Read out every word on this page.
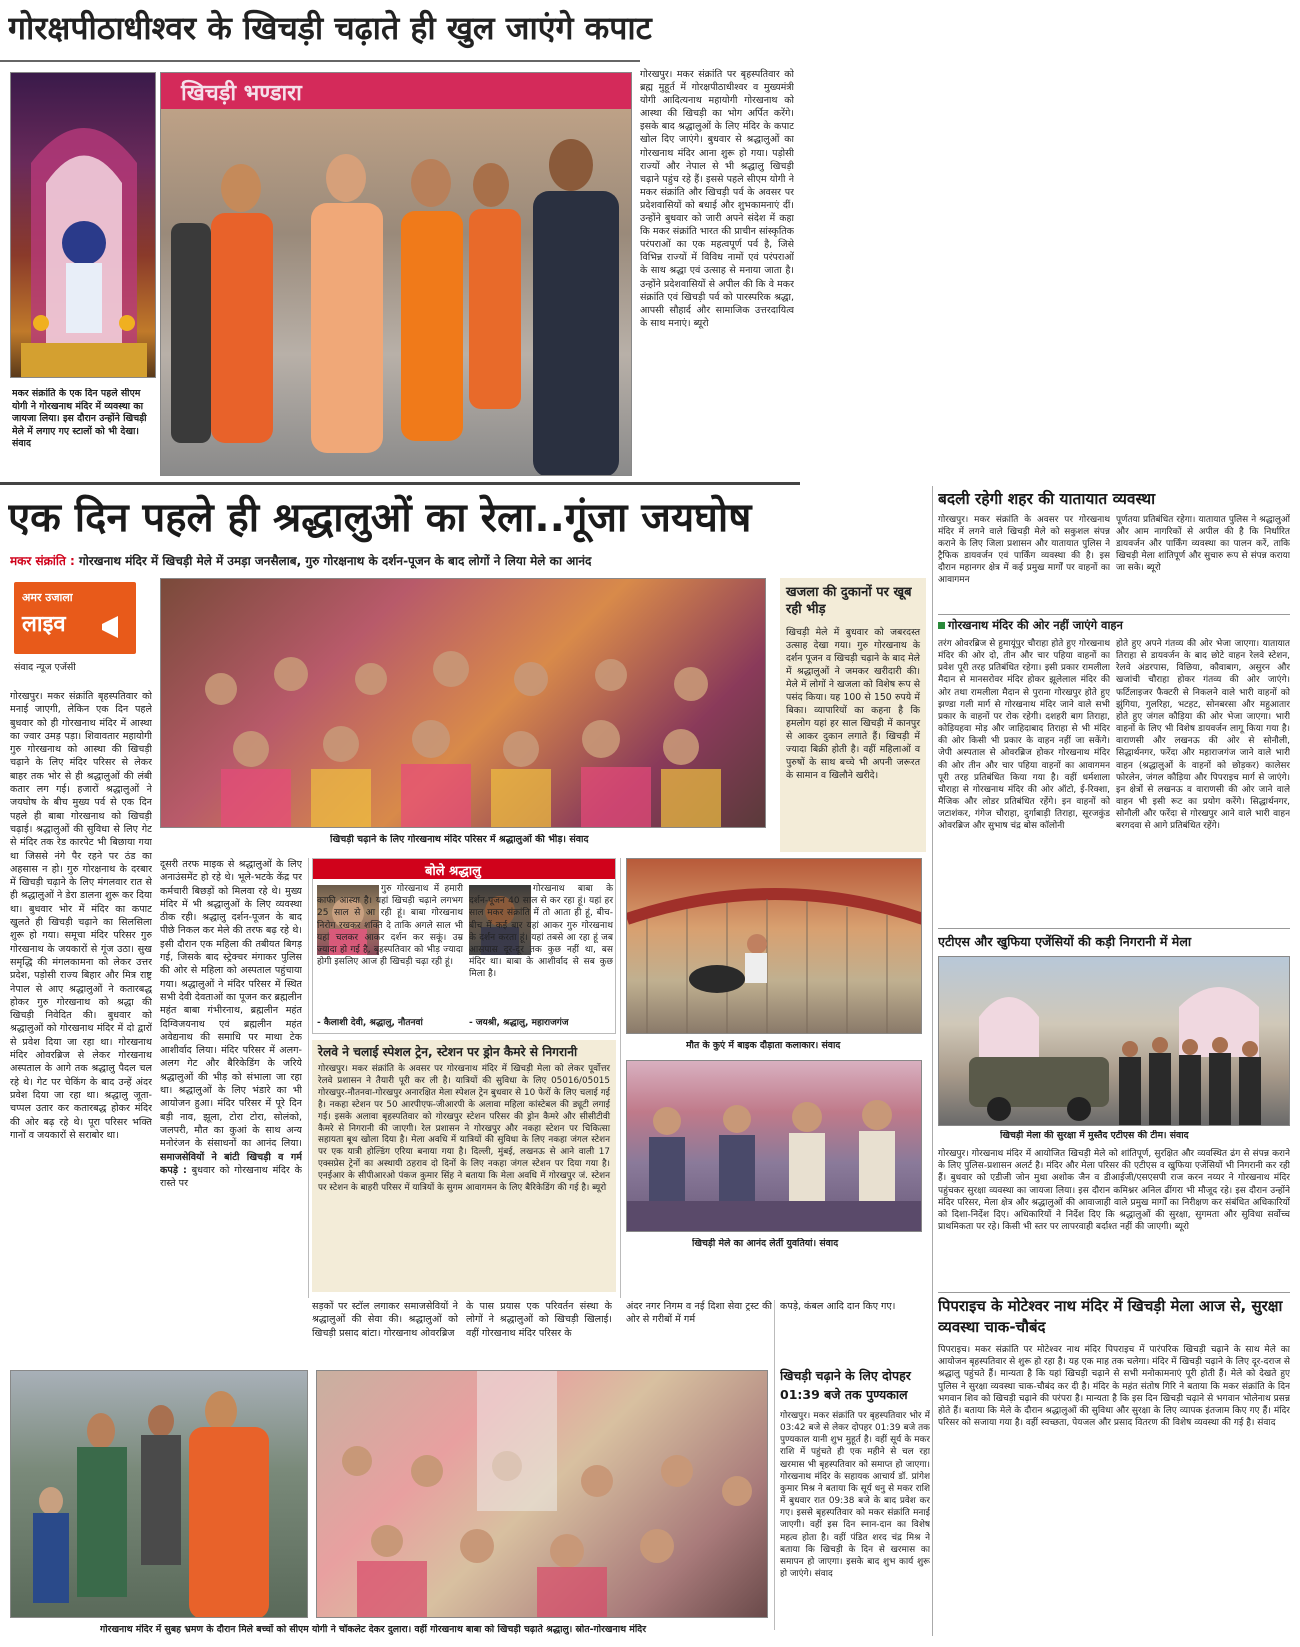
गोरक्षपीठाधीश्वर के खिचड़ी चढ़ाते ही खुल जाएंगे कपाट
मकर संक्रांति के एक दिन पहले सीएम योगी ने गोरखनाथ मंदिर में व्यवस्था का जायजा लिया। इस दौरान उन्होंने खिचड़ी मेले में लगाए गए स्टालों को भी देखा। संवाद
खिचड़ी भण्डारा
गोरखपुर। मकर संक्रांति पर बृहस्पतिवार को ब्रह्म मुहूर्त में गोरक्षपीठाधीश्वर व मुख्यमंत्री योगी आदित्यनाथ महायोगी गोरखनाथ को आस्था की खिचड़ी का भोग अर्पित करेंगे। इसके बाद श्रद्धालुओं के लिए मंदिर के कपाट खोल दिए जाएंगे। बुधवार से श्रद्धालुओं का गोरखनाथ मंदिर आना शुरू हो गया। पड़ोसी राज्यों और नेपाल से भी श्रद्धालु खिचड़ी चढ़ाने पहुंच रहे हैं। इससे पहले सीएम योगी ने मकर संक्रांति और खिचड़ी पर्व के अवसर पर प्रदेशवासियों को बधाई और शुभकामनाएं दीं। उन्होंने बुधवार को जारी अपने संदेश में कहा कि मकर संक्रांति भारत की प्राचीन सांस्कृतिक परंपराओं का एक महत्वपूर्ण पर्व है, जिसे विभिन्न राज्यों में विविध नामों एवं परंपराओं के साथ श्रद्धा एवं उत्साह से मनाया जाता है। उन्होंने प्रदेशवासियों से अपील की कि वे मकर संक्रांति एवं खिचड़ी पर्व को पारस्परिक श्रद्धा, आपसी सौहार्द और सामाजिक उत्तरदायित्व के साथ मनाएं। ब्यूरो
एक दिन पहले ही श्रद्धालुओं का रेला..गूंजा जयघोष
मकर संक्रांति : गोरखनाथ मंदिर में खिचड़ी मेले में उमड़ा जनसैलाब, गुरु गोरक्षनाथ के दर्शन-पूजन के बाद लोगों ने लिया मेले का आनंद
अमर उजाला
लाइव
संवाद न्यूज एजेंसी
गोरखपुर। मकर संक्रांति बृहस्पतिवार को मनाई जाएगी, लेकिन एक दिन पहले बुधवार को ही गोरखनाथ मंदिर में आस्था का ज्वार उमड़ पड़ा। शिवावतार महायोगी गुरु गोरखनाथ को आस्था की खिचड़ी चढ़ाने के लिए मंदिर परिसर से लेकर बाहर तक भोर से ही श्रद्धालुओं की लंबी कतार लग गई। हजारों श्रद्धालुओं ने जयघोष के बीच मुख्य पर्व से एक दिन पहले ही बाबा गोरखनाथ को खिचड़ी चढ़ाई। श्रद्धालुओं की सुविधा से लिए गेट से मंदिर तक रेड कारपेट भी बिछाया गया था जिससे नंगे पैर रहने पर ठंड का अहसास न हो। गुरु गोरक्षनाथ के दरबार में खिचड़ी चढ़ाने के लिए मंगलवार रात से ही श्रद्धालुओं ने डेरा डालना शुरू कर दिया था। बुधवार भोर में मंदिर का कपाट खुलते ही खिचड़ी चढ़ाने का सिलसिला शुरू हो गया। समूचा मंदिर परिसर गुरु गोरखनाथ के जयकारों से गूंज उठा। सुख समृद्धि की मंगलकामना को लेकर उत्तर प्रदेश, पड़ोसी राज्य बिहार और मित्र राष्ट्र नेपाल से आए श्रद्धालुओं ने कतारबद्ध होकर गुरु गोरखनाथ को श्रद्धा की खिचड़ी निवेदित की। बुधवार को श्रद्धालुओं को गोरखनाथ मंदिर में दो द्वारों से प्रवेश दिया जा रहा था। गोरखनाथ मंदिर ओवरब्रिज से लेकर गोरखनाथ अस्पताल के आगे तक श्रद्धालु पैदल चल रहे थे। गेट पर चेकिंग के बाद उन्हें अंदर प्रवेश दिया जा रहा था। श्रद्धालु जूता-चप्पल उतार कर कतारबद्ध होकर मंदिर की ओर बढ़ रहे थे। पूरा परिसर भक्ति गानों व जयकारों से सराबोर था।
खिचड़ी चढ़ाने के लिए गोरखनाथ मंदिर परिसर में श्रद्धालुओं की भीड़। संवाद
खजला की दुकानों पर खूब रही भीड़
खिचड़ी मेले में बुधवार को जबरदस्त उत्साह देखा गया। गुरु गोरखनाथ के दर्शन पूजन व खिचड़ी चढ़ाने के बाद मेले में श्रद्धालुओं ने जमकर खरीदारी की। मेले में लोगों ने खजला को विशेष रूप से पसंद किया। यह 100 से 150 रुपये में बिका। व्यापारियों का कहना है कि हमलोग यहां हर साल खिचड़ी में कानपुर से आकर दुकान लगाते हैं। खिचड़ी में ज्यादा बिक्री होती है। वहीं महिलाओं व पुरुषों के साथ बच्चे भी अपनी जरूरत के सामान व खिलौने खरीदे।
दूसरी तरफ माइक से श्रद्धालुओं के लिए अनाउंसमेंट हो रहे थे। भूले-भटके केंद्र पर कर्मचारी बिछड़ों को मिलवा रहे थे। मुख्य मंदिर में भी श्रद्धालुओं के लिए व्यवस्था ठीक रही। श्रद्धालु दर्शन-पूजन के बाद पीछे निकल कर मेले की तरफ बढ़ रहे थे। इसी दौरान एक महिला की तबीयत बिगड़ गई, जिसके बाद स्ट्रेक्चर मंगाकर पुलिस की ओर से महिला को अस्पताल पहुंचाया गया। श्रद्धालुओं ने मंदिर परिसर में स्थित सभी देवी देवताओं का पूजन कर ब्रह्मलीन महंत बाबा गंभीरनाथ, ब्रह्मलीन महंत दिग्विजयनाथ एवं ब्रह्मलीन महंत अवेद्यनाथ की समाधि पर माथा टेक आशीर्वाद लिया। मंदिर परिसर में अलग-अलग गेट और बैरिकेडिंग के जरिये श्रद्धालुओं की भीड़ को संभाला जा रहा था। श्रद्धालुओं के लिए भंडारे का भी आयोजन हुआ। मंदिर परिसर में पूरे दिन बड़ी नाव, झूला, टोरा टोरा, सोलंको, जलपरी, मौत का कुआं के साथ अन्य मनोरंजन के संसाधनों का आनंद लिया। समाजसेवियों ने बांटी खिचड़ी व गर्म कपड़े : बुधवार को गोरखनाथ मंदिर के रास्ते पर
बोले श्रद्धालु
गुरु गोरखनाथ में हमारी काफी आस्था है। यहां खिचड़ी चढ़ाने लगभग 25 साल से आ रही हूं। बाबा गोरखनाथ निरोग रखकर शक्ति दे ताकि अगले साल भी यहां चलकर आकर दर्शन कर सकूं। उम्र ज्यादा हो गई है, बृहस्पतिवार को भीड़ ज्यादा होगी इसलिए आज ही खिचड़ी चढ़ा रही हूं।
- कैलाशी देवी, श्रद्धालु, नौतनवां
गोरखनाथ बाबा के दर्शन-पूजन 40 साल से कर रहा हूं। यहां हर साल मकर संक्रांति में तो आता ही हूं, बीच-बीच में कई बार यहां आकर गुरु गोरखनाथ के दर्शन करता हूं। यहां तबसे आ रहा हूं जब आसपास दूर-दूर तक कुछ नहीं था, बस मंदिर था। बाबा के आशीर्वाद से सब कुछ मिला है।
- जयश्री, श्रद्धालु, महाराजगंज
रेलवे ने चलाई स्पेशल ट्रेन, स्टेशन पर ड्रोन कैमरे से निगरानी
गोरखपुर। मकर संक्रांति के अवसर पर गोरखनाथ मंदिर में खिचड़ी मेला को लेकर पूर्वोत्तर रेलवे प्रशासन ने तैयारी पूरी कर ली है। यात्रियों की सुविधा के लिए 05016/05015 गोरखपुर-नौतनवा-गोरखपुर अनारक्षित मेला स्पेशल ट्रेन बुधवार से 10 फेरों के लिए चलाई गई है। नकहा स्टेशन पर 50 आरपीएफ-जीआरपी के अलावा महिला कांस्टेबल की ड्यूटी लगाई गई। इसके अलावा बृहस्पतिवार को गोरखपुर स्टेशन परिसर की ड्रोन कैमरे और सीसीटीवी कैमरे से निगरानी की जाएगी। रेल प्रशासन ने गोरखपुर और नकहा स्टेशन पर चिकित्सा सहायता बूथ खोला दिया है। मेला अवधि में यात्रियों की सुविधा के लिए नकहा जंगल स्टेशन पर एक यात्री होल्डिंग एरिया बनाया गया है। दिल्ली, मुंबई, लखनऊ से आने वाली 17 एक्सप्रेस ट्रेनों का अस्थायी ठहराव दो दिनों के लिए नकहा जंगल स्टेशन पर दिया गया है। एनईआर के सीपीआरओ पंकज कुमार सिंह ने बताया कि मेला अवधि में गोरखपुर जं. स्टेशन पर स्टेशन के बाहरी परिसर में यात्रियों के सुगम आवागमन के लिए बैरिकेडिंग की गई है। ब्यूरो
मौत के कुएं में बाइक दौड़ाता कलाकार। संवाद
खिचड़ी मेले का आनंद लेतीं युवतियां। संवाद
सड़कों पर स्टॉल लगाकर समाजसेवियों ने श्रद्धालुओं की सेवा की। श्रद्धालुओं को खिचड़ी प्रसाद बांटा। गोरखनाथ ओवरब्रिज
के पास प्रयास एक परिवर्तन संस्था के लोगों ने श्रद्धालुओं को खिचड़ी खिलाई। वहीं गोरखनाथ मंदिर परिसर के
अंदर नगर निगम व नई दिशा सेवा ट्रस्ट की ओर से गरीबों में गर्म
कपड़े, कंबल आदि दान किए गए।
गोरखनाथ मंदिर में सुबह भ्रमण के दौरान मिले बच्चों को सीएम योगी ने चॉकलेट देकर दुलारा। वहीं गोरखनाथ बाबा को खिचड़ी चढ़ाते श्रद्धालु। स्रोत-गोरखनाथ मंदिर
बदली रहेगी शहर की यातायात व्यवस्था
गोरखपुर। मकर संक्रांति के अवसर पर गोरखनाथ मंदिर में लगने वाले खिचड़ी मेले को सकुशल संपन्न कराने के लिए जिला प्रशासन और यातायात पुलिस ने ट्रैफिक डायवर्जन एवं पार्किंग व्यवस्था की है। इस दौरान महानगर क्षेत्र में कई प्रमुख मार्गों पर वाहनों का आवागमन
पूर्णतया प्रतिबंधित रहेगा। यातायात पुलिस ने श्रद्धालुओं और आम नागरिकों से अपील की है कि निर्धारित डायवर्जन और पार्किंग व्यवस्था का पालन करें, ताकि खिचड़ी मेला शांतिपूर्ण और सुचारु रूप से संपन्न कराया जा सके। ब्यूरो
गोरखनाथ मंदिर की ओर नहीं जाएंगे वाहन
तरंग ओवरब्रिज से हुमायूंपुर चौराहा होते हुए गोरखनाथ मंदिर की ओर दो, तीन और चार पहिया वाहनों का प्रवेश पूरी तरह प्रतिबंधित रहेगा। इसी प्रकार रामलीला मैदान से मानसरोवर मंदिर होकर झूलेलाल मंदिर की ओर तथा रामलीला मैदान से पुराना गोरखपुर होते हुए झण्डा गली मार्ग से गोरखनाथ मंदिर जाने वाले सभी प्रकार के वाहनों पर रोक रहेगी। दशहरी बाग तिराहा, कोड़ियहवा मोड़ और जाहिदाबाद तिराहा से भी मंदिर की ओर किसी भी प्रकार के वाहन नहीं जा सकेंगे। जेपी अस्पताल से ओवरब्रिज होकर गोरखनाथ मंदिर की ओर तीन और चार पहिया वाहनों का आवागमन पूरी तरह प्रतिबंधित किया गया है। वहीं धर्मशाला चौराहा से गोरखनाथ मंदिर की ओर ऑटो, ई-रिक्शा, मैजिक और लोडर प्रतिबंधित रहेंगे। इन वाहनों को जटाशंकर, गंगेज चौराहा, दुर्गाबाड़ी तिराहा, सूरजकुंड ओवरब्रिज और सुभाष चंद्र बोस कॉलोनी
होते हुए अपने गंतव्य की ओर भेजा जाएगा। यातायात तिराहा से डायवर्जन के बाद छोटे वाहन रेलवे स्टेशन, रेलवे अंडरपास, विछिया, कौवाबाग, असुरन और खजांची चौराहा होकर गंतव्य की ओर जाएंगे। फर्टिलाइजर फैक्टरी से निकलने वाले भारी वाहनों को झुंगिया, गुलरिहा, भटहट, सोनबरसा और महुआतार होते हुए जंगल कौड़िया की ओर भेजा जाएगा। भारी वाहनों के लिए भी विशेष डायवर्जन लागू किया गया है। वाराणसी और लखनऊ की ओर से सोनौली, सिद्धार्थनगर, फरेंदा और महाराजगंज जाने वाले भारी वाहन (श्रद्धालुओं के वाहनों को छोड़कर) कालेसर फोरलेन, जंगल कौड़िया और पिपराइच मार्ग से जाएंगे। इन क्षेत्रों से लखनऊ व वाराणसी की ओर जाने वाले वाहन भी इसी रूट का प्रयोग करेंगे। सिद्धार्थनगर, सोनौली और फरेंदा से गोरखपुर आने वाले भारी वाहन बरगदवा से आगे प्रतिबंधित रहेंगे।
एटीएस और खुफिया एजेंसियों की कड़ी निगरानी में मेला
खिचड़ी मेला की सुरक्षा में मुस्तैद एटीएस की टीम। संवाद
गोरखपुर। गोरखनाथ मंदिर में आयोजित खिचड़ी मेले को शांतिपूर्ण, सुरक्षित और व्यवस्थित ढंग से संपन्न कराने के लिए पुलिस-प्रशासन अलर्ट है। मंदिर और मेला परिसर की एटीएस व खुफिया एजेंसियों भी निगरानी कर रही हैं। बुधवार को एडीजी जोन मुथा अशोक जैन व डीआईजी/एसएसपी राज करन नय्यर ने गोरखनाथ मंदिर पहुंचकर सुरक्षा व्यवस्था का जायजा लिया। इस दौरान कमिश्नर अनिल ढींगरा भी मौजूद रहे। इस दौरान उन्होंने मंदिर परिसर, मेला क्षेत्र और श्रद्धालुओं की आवाजाही वाले प्रमुख मार्गों का निरीक्षण कर संबंधित अधिकारियों को दिशा-निर्देश दिए। अधिकारियों ने निर्देश दिए कि श्रद्धालुओं की सुरक्षा, सुगमता और सुविधा सर्वोच्च प्राथमिकता पर रहे। किसी भी स्तर पर लापरवाही बर्दाश्त नहीं की जाएगी। ब्यूरो
पिपराइच के मोटेश्वर नाथ मंदिर में खिचड़ी मेला आज से, सुरक्षा व्यवस्था चाक-चौबंद
पिपराइच। मकर संक्रांति पर मोटेश्वर नाथ मंदिर पिपराइच में पारंपरिक खिचड़ी चढ़ाने के साथ मेले का आयोजन बृहस्पतिवार से शुरू हो रहा है। यह एक माह तक चलेगा। मंदिर में खिचड़ी चढ़ाने के लिए दूर-दराज से श्रद्धालु पहुंचते हैं। मान्यता है कि यहां खिचड़ी चढ़ाने से सभी मनोकामनाएं पूरी होती हैं। मेले को देखते हुए पुलिस ने सुरक्षा व्यवस्था चाक-चौबंद कर दी है। मंदिर के महंत संतोष गिरि ने बताया कि मकर संक्रांति के दिन भगवान शिव को खिचड़ी चढ़ाने की परंपरा है। मान्यता है कि इस दिन खिचड़ी चढ़ाने से भगवान भोलेनाथ प्रसन्न होते हैं। बताया कि मेले के दौरान श्रद्धालुओं की सुविधा और सुरक्षा के लिए व्यापक इंतजाम किए गए हैं। मंदिर परिसर को सजाया गया है। वहीं स्वच्छता, पेयजल और प्रसाद वितरण की विशेष व्यवस्था की गई है। संवाद
खिचड़ी चढ़ाने के लिए दोपहर 01:39 बजे तक पुण्यकाल
गोरखपुर। मकर संक्रांति पर बृहस्पतिवार भोर में 03:42 बजे से लेकर दोपहर 01:39 बजे तक पुण्यकाल यानी शुभ मुहूर्त है। वहीं सूर्य के मकर राशि में पहुंचते ही एक महीने से चल रहा खरमास भी बृहस्पतिवार को समाप्त हो जाएगा। गोरखनाथ मंदिर के सहायक आचार्य डॉ. प्रांगेश कुमार मिश्र ने बताया कि सूर्य धनु से मकर राशि में बुधवार रात 09:38 बजे के बाद प्रवेश कर गए। इससे बृहस्पतिवार को मकर संक्रांति मनाई जाएगी। वहीं इस दिन स्नान-दान का विशेष महत्व होता है। वहीं पंडित शरद चंद्र मिश्र ने बताया कि खिचड़ी के दिन से खरमास का समापन हो जाएगा। इसके बाद शुभ कार्य शुरू हो जाएंगे। संवाद
